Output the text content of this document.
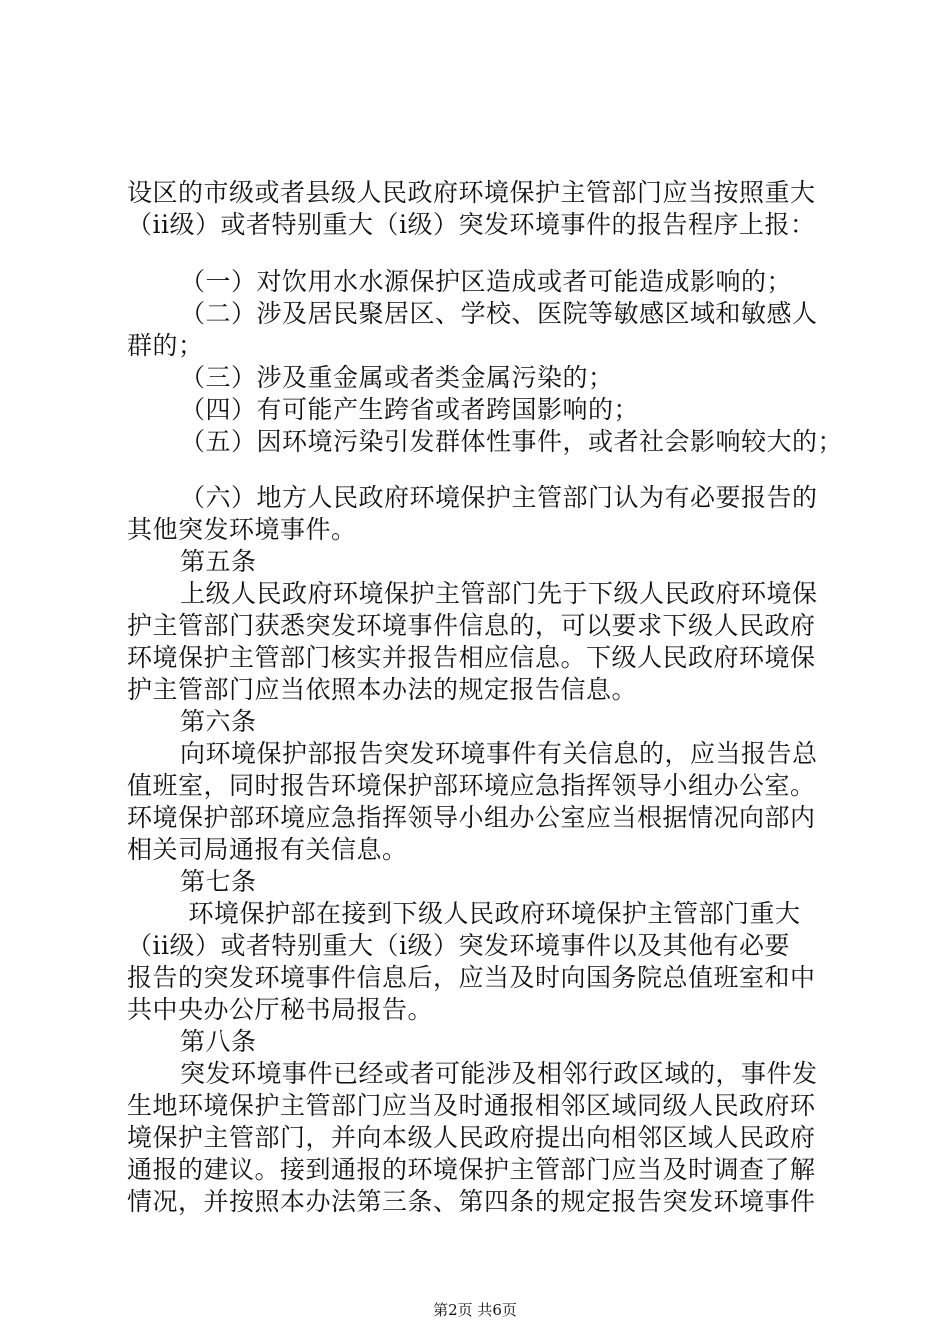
设区的市级或者县级人民政府环境保护主管部门应当按照重大
（ii级）或者特别重大（i级）突发环境事件的报告程序上报：
（一）对饮用水水源保护区造成或者可能造成影响的；
（二）涉及居民聚居区、学校、医院等敏感区域和敏感人
群的；
（三）涉及重金属或者类金属污染的；
（四）有可能产生跨省或者跨国影响的；
（五）因环境污染引发群体性事件，或者社会影响较大的；
（六）地方人民政府环境保护主管部门认为有必要报告的
其他突发环境事件。
第五条
上级人民政府环境保护主管部门先于下级人民政府环境保
护主管部门获悉突发环境事件信息的，可以要求下级人民政府
环境保护主管部门核实并报告相应信息。下级人民政府环境保
护主管部门应当依照本办法的规定报告信息。
第六条
向环境保护部报告突发环境事件有关信息的，应当报告总
值班室，同时报告环境保护部环境应急指挥领导小组办公室。
环境保护部环境应急指挥领导小组办公室应当根据情况向部内
相关司局通报有关信息。
第七条
环境保护部在接到下级人民政府环境保护主管部门重大
（ii级）或者特别重大（i级）突发环境事件以及其他有必要
报告的突发环境事件信息后，应当及时向国务院总值班室和中
共中央办公厅秘书局报告。
第八条
突发环境事件已经或者可能涉及相邻行政区域的，事件发
生地环境保护主管部门应当及时通报相邻区域同级人民政府环
境保护主管部门，并向本级人民政府提出向相邻区域人民政府
通报的建议。接到通报的环境保护主管部门应当及时调查了解
情况，并按照本办法第三条、第四条的规定报告突发环境事件
第2页 共6页
